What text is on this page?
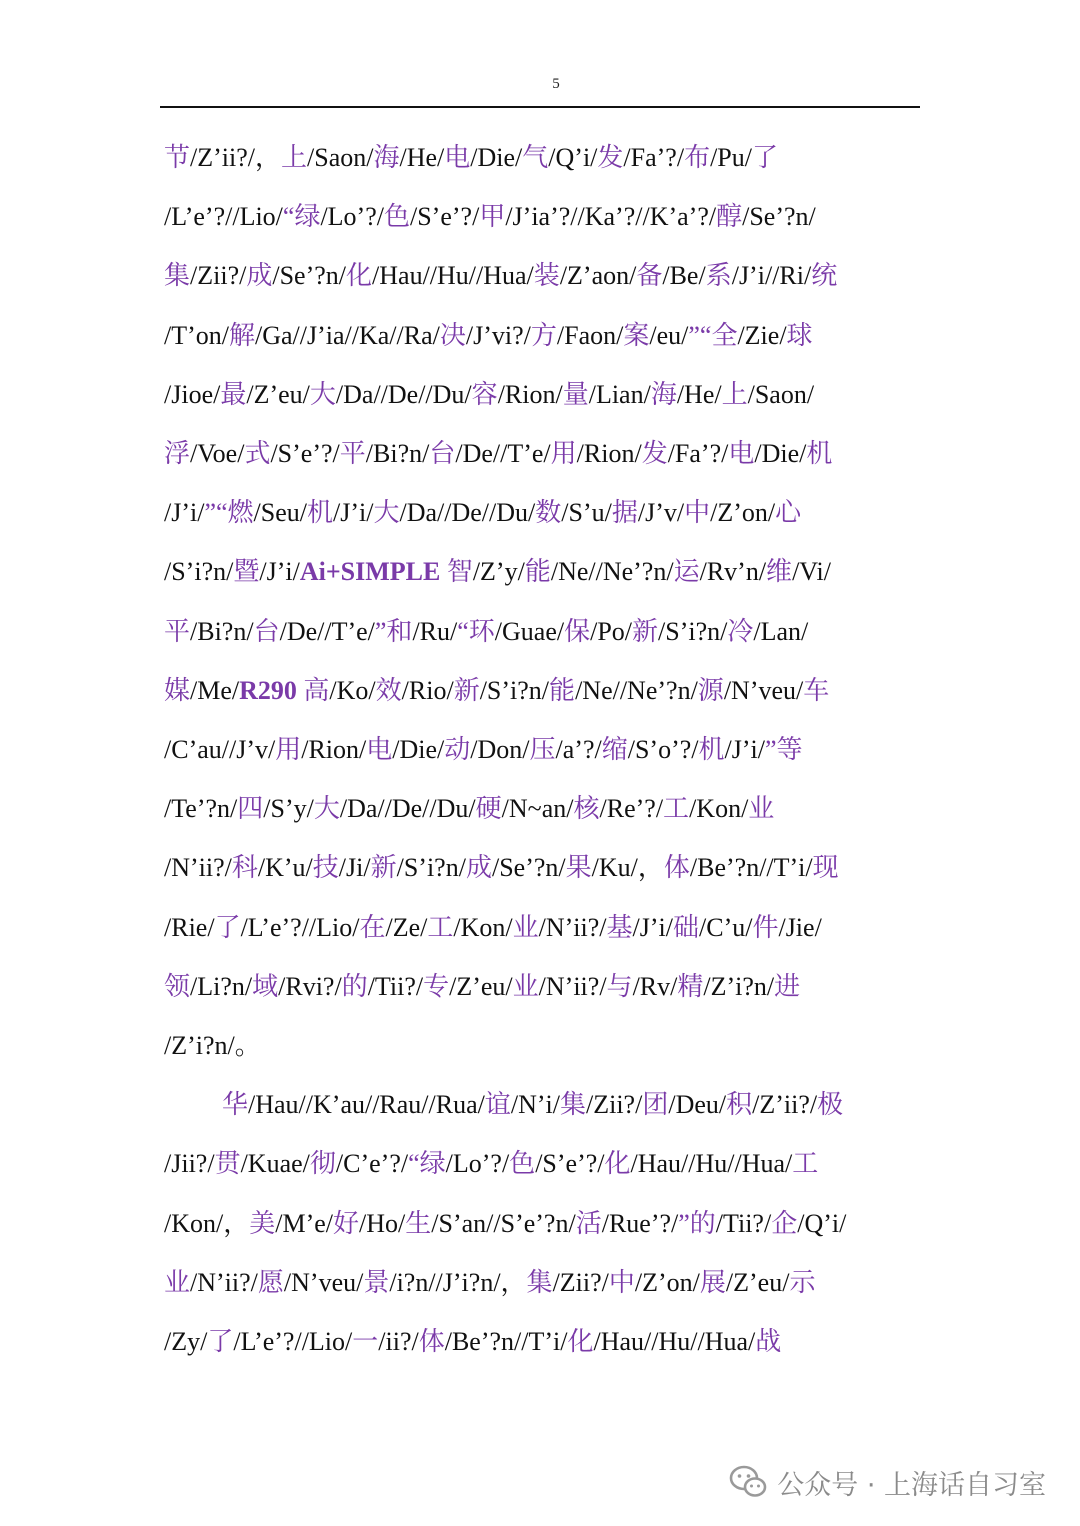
5
节/Z’ii?/，上/Saon/海/He/电/Die/气/Q’i/发/Fa’?/布/Pu/了
/L’e’?//Lio/“绿/Lo’?/色/S’e’?/甲/J’ia’?//Ka’?//K’a’?/醇/Se’?n/
集/Zii?/成/Se’?n/化/Hau//Hu//Hua/装/Z’aon/备/Be/系/J’i//Ri/统
/T’on/解/Ga//J’ia//Ka//Ra/决/J’vi?/方/Faon/案/eu/”“全/Zie/球
/Jioe/最/Z’eu/大/Da//De//Du/容/Rion/量/Lian/海/He/上/Saon/
浮/Voe/式/S’e’?/平/Bi?n/台/De//T’e/用/Rion/发/Fa’?/电/Die/机
/J’i/”“燃/Seu/机/J’i/大/Da//De//Du/数/S’u/据/J’v/中/Z’on/心
/S’i?n/暨/J’i/Ai+SIMPLE 智/Z’y/能/Ne//Ne’?n/运/Rv’n/维/Vi/
平/Bi?n/台/De//T’e/”和/Ru/“环/Guae/保/Po/新/S’i?n/冷/Lan/
媒/Me/R290 高/Ko/效/Rio/新/S’i?n/能/Ne//Ne’?n/源/N’veu/车
/C’au//J’v/用/Rion/电/Die/动/Don/压/a’?/缩/S’o’?/机/J’i/”等
/Te’?n/四/S’y/大/Da//De//Du/硬/N~an/核/Re’?/工/Kon/业
/N’ii?/科/K’u/技/Ji/新/S’i?n/成/Se’?n/果/Ku/，体/Be’?n//T’i/现
/Rie/了/L’e’?//Lio/在/Ze/工/Kon/业/N’ii?/基/J’i/础/C’u/件/Jie/
领/Li?n/域/Rvi?/的/Tii?/专/Z’eu/业/N’ii?/与/Rv/精/Z’i?n/进
/Z’i?n/。
华/Hau//K’au//Rau//Rua/谊/N’i/集/Zii?/团/Deu/积/Z’ii?/极
/Jii?/贯/Kuae/彻/C’e’?/“绿/Lo’?/色/S’e’?/化/Hau//Hu//Hua/工
/Kon/，美/M’e/好/Ho/生/S’an//S’e’?n/活/Rue’?/”的/Tii?/企/Q’i/
业/N’ii?/愿/N’veu/景/i?n//J’i?n/，集/Zii?/中/Z’on/展/Z’eu/示
/Zy/了/L’e’?//Lio/一/ii?/体/Be’?n//T’i/化/Hau//Hu//Hua/战
公众号 · 上海话自习室
